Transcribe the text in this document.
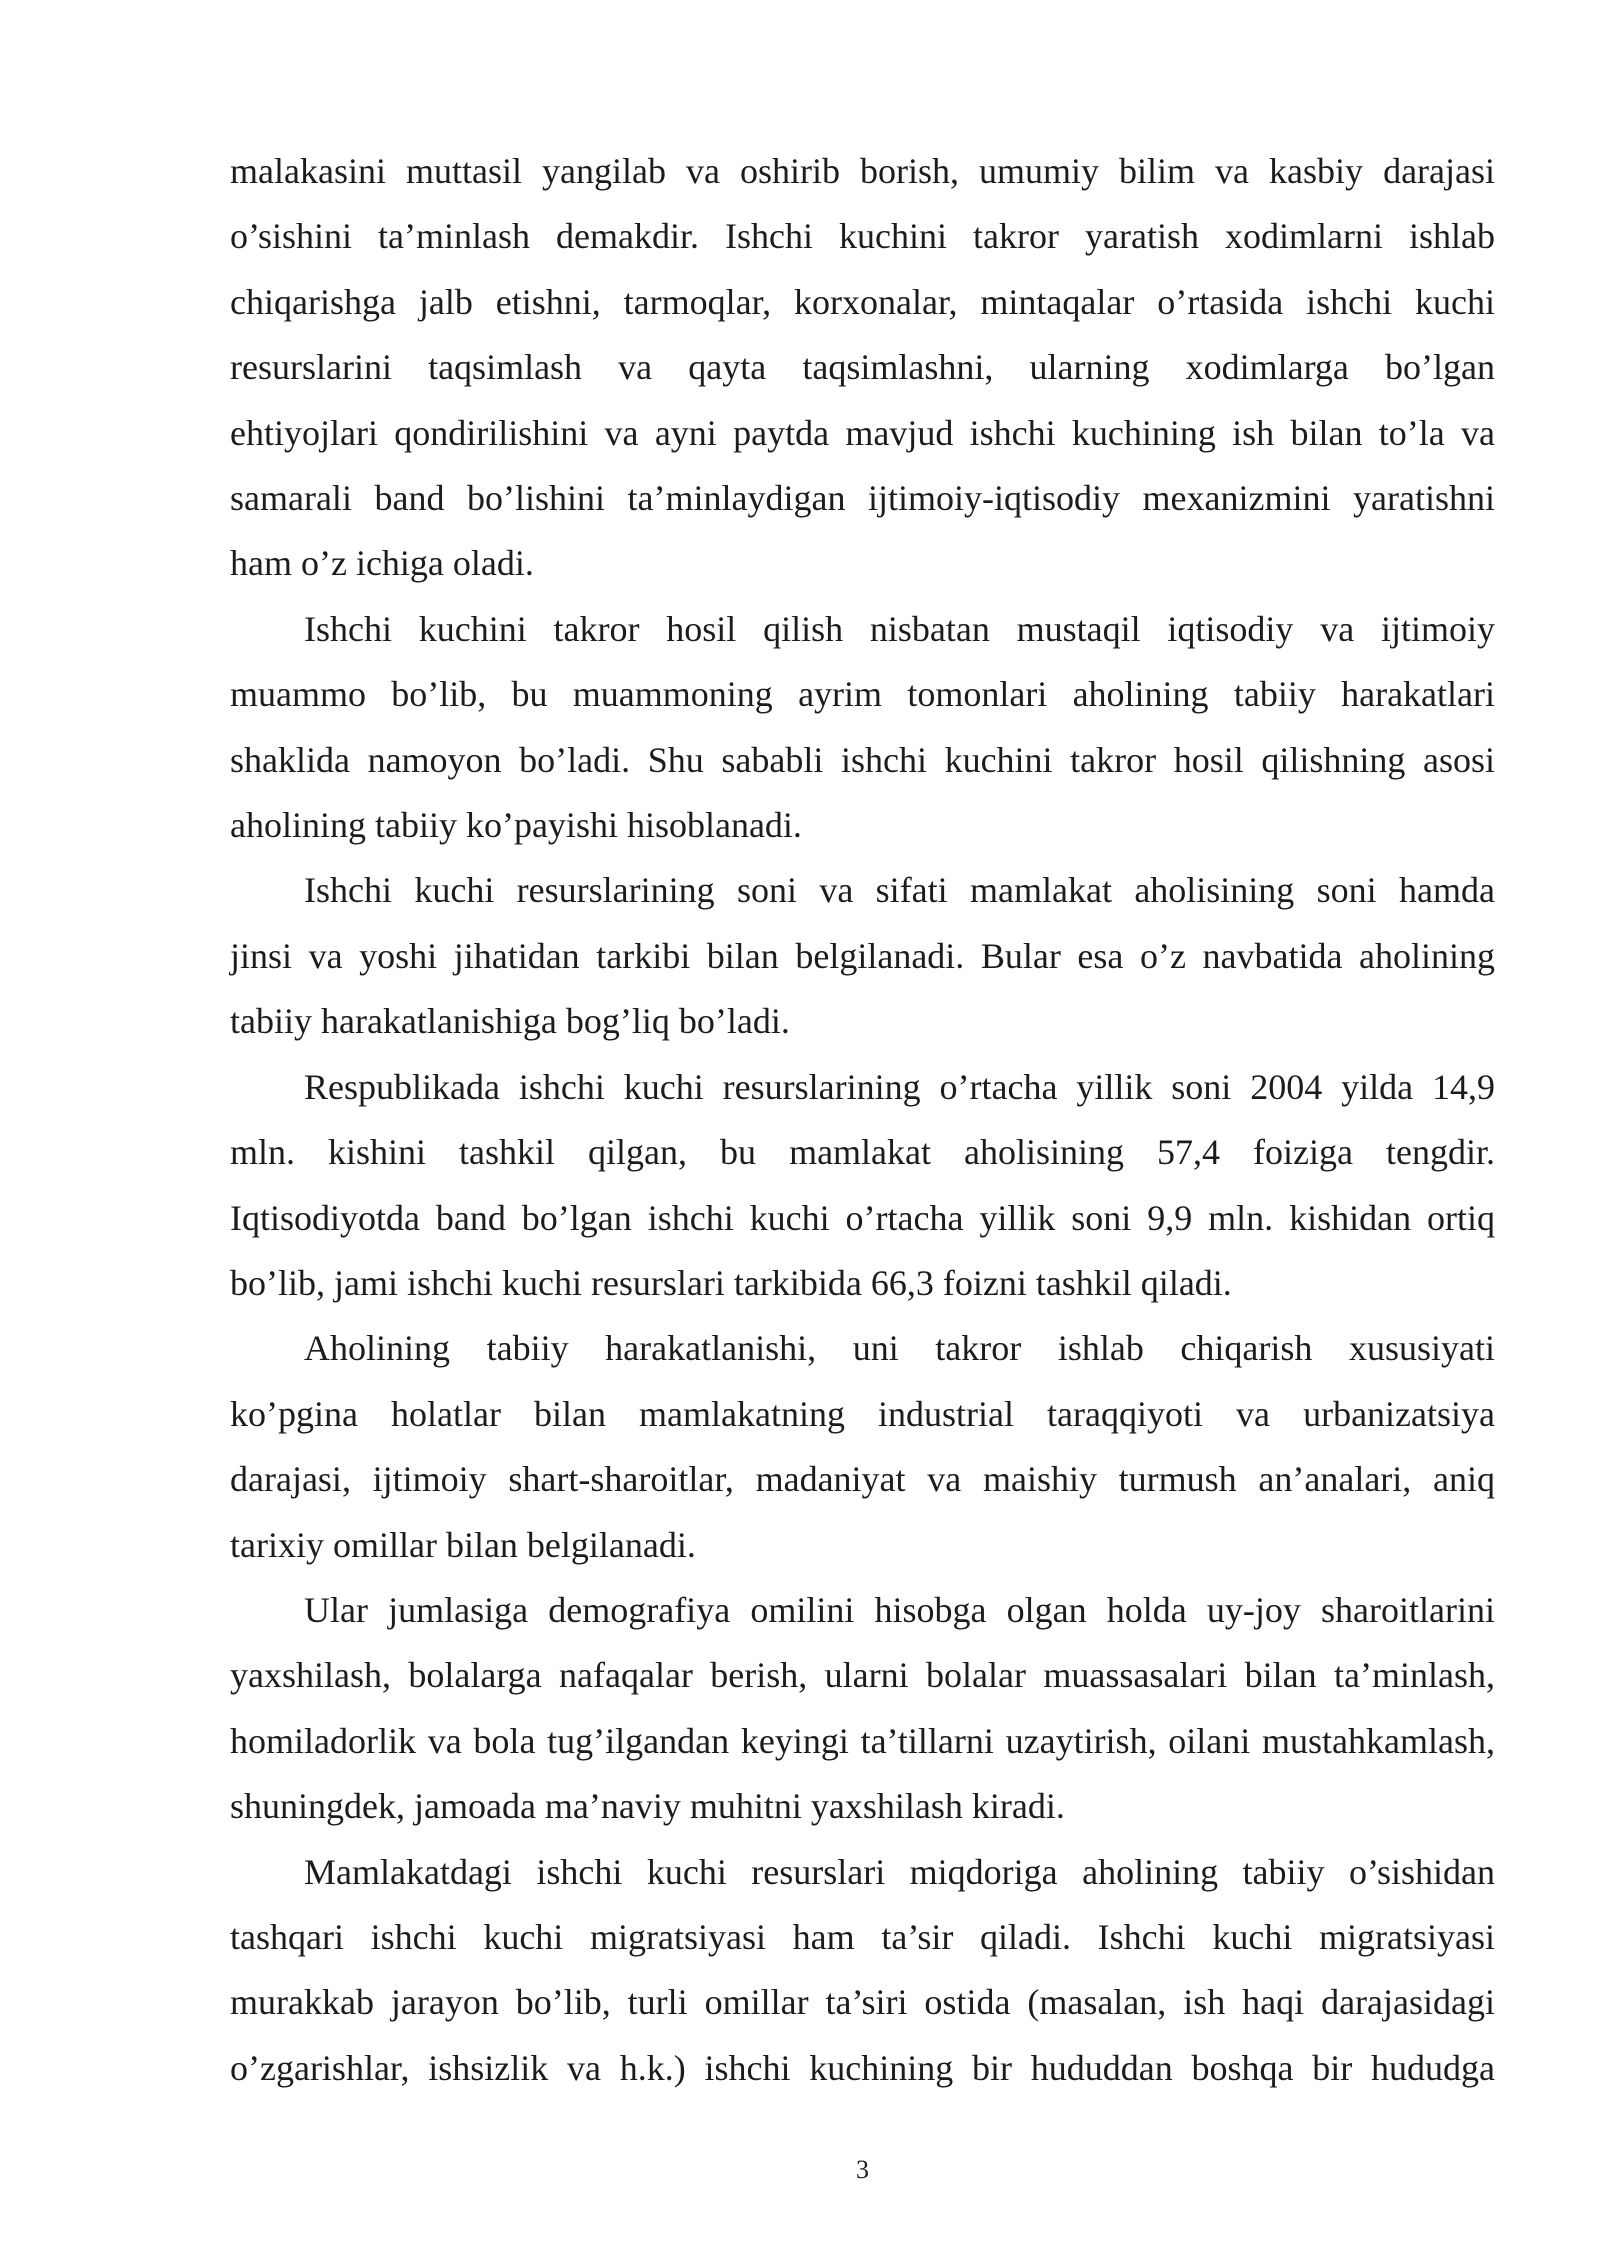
malakasini muttasil yangilab va oshirib borish, umumiy bilim va kasbiy darajasi
o’sishini ta’minlash demakdir. Ishchi kuchini takror yaratish xodimlarni ishlab
chiqarishga jalb etishni, tarmoqlar, korxonalar, mintaqalar o’rtasida ishchi kuchi
resurslarini taqsimlash va qayta taqsimlashni, ularning xodimlarga bo’lgan
ehtiyojlari qondirilishini va ayni paytda mavjud ishchi kuchining ish bilan to’la va
samarali band bo’lishini ta’minlaydigan ijtimoiy-iqtisodiy mexanizmini yaratishni
ham o’z ichiga oladi.
Ishchi kuchini takror hosil qilish nisbatan mustaqil iqtisodiy va ijtimoiy
muammo bo’lib, bu muammoning ayrim tomonlari aholining tabiiy harakatlari
shaklida namoyon bo’ladi. Shu sababli ishchi kuchini takror hosil qilishning asosi
aholining tabiiy ko’payishi hisoblanadi.
Ishchi kuchi resurslarining soni va sifati mamlakat aholisining soni hamda
jinsi va yoshi jihatidan tarkibi bilan belgilanadi. Bular esa o’z navbatida aholining
tabiiy harakatlanishiga bog’liq bo’ladi.
Respublikada ishchi kuchi resurslarining o’rtacha yillik soni 2004 yilda 14,9
mln. kishini tashkil qilgan, bu mamlakat aholisining 57,4 foiziga tengdir.
Iqtisodiyotda band bo’lgan ishchi kuchi o’rtacha yillik soni 9,9 mln. kishidan ortiq
bo’lib, jami ishchi kuchi resurslari tarkibida 66,3 foizni tashkil qiladi.
Aholining tabiiy harakatlanishi, uni takror ishlab chiqarish xususiyati
ko’pgina holatlar bilan mamlakatning industrial taraqqiyoti va urbanizatsiya
darajasi, ijtimoiy shart-sharoitlar, madaniyat va maishiy turmush an’analari, aniq
tarixiy omillar bilan belgilanadi.
Ular jumlasiga demografiya omilini hisobga olgan holda uy-joy sharoitlarini
yaxshilash, bolalarga nafaqalar berish, ularni bolalar muassasalari bilan ta’minlash,
homiladorlik va bola tug’ilgandan keyingi ta’tillarni uzaytirish, oilani mustahkamlash,
shuningdek, jamoada ma’naviy muhitni yaxshilash kiradi.
Mamlakatdagi ishchi kuchi resurslari miqdoriga aholining tabiiy o’sishidan
tashqari ishchi kuchi migratsiyasi ham ta’sir qiladi. Ishchi kuchi migratsiyasi
murakkab jarayon bo’lib, turli omillar ta’siri ostida (masalan, ish haqi darajasidagi
o’zgarishlar, ishsizlik va h.k.) ishchi kuchining bir hududdan boshqa bir hududga
3
